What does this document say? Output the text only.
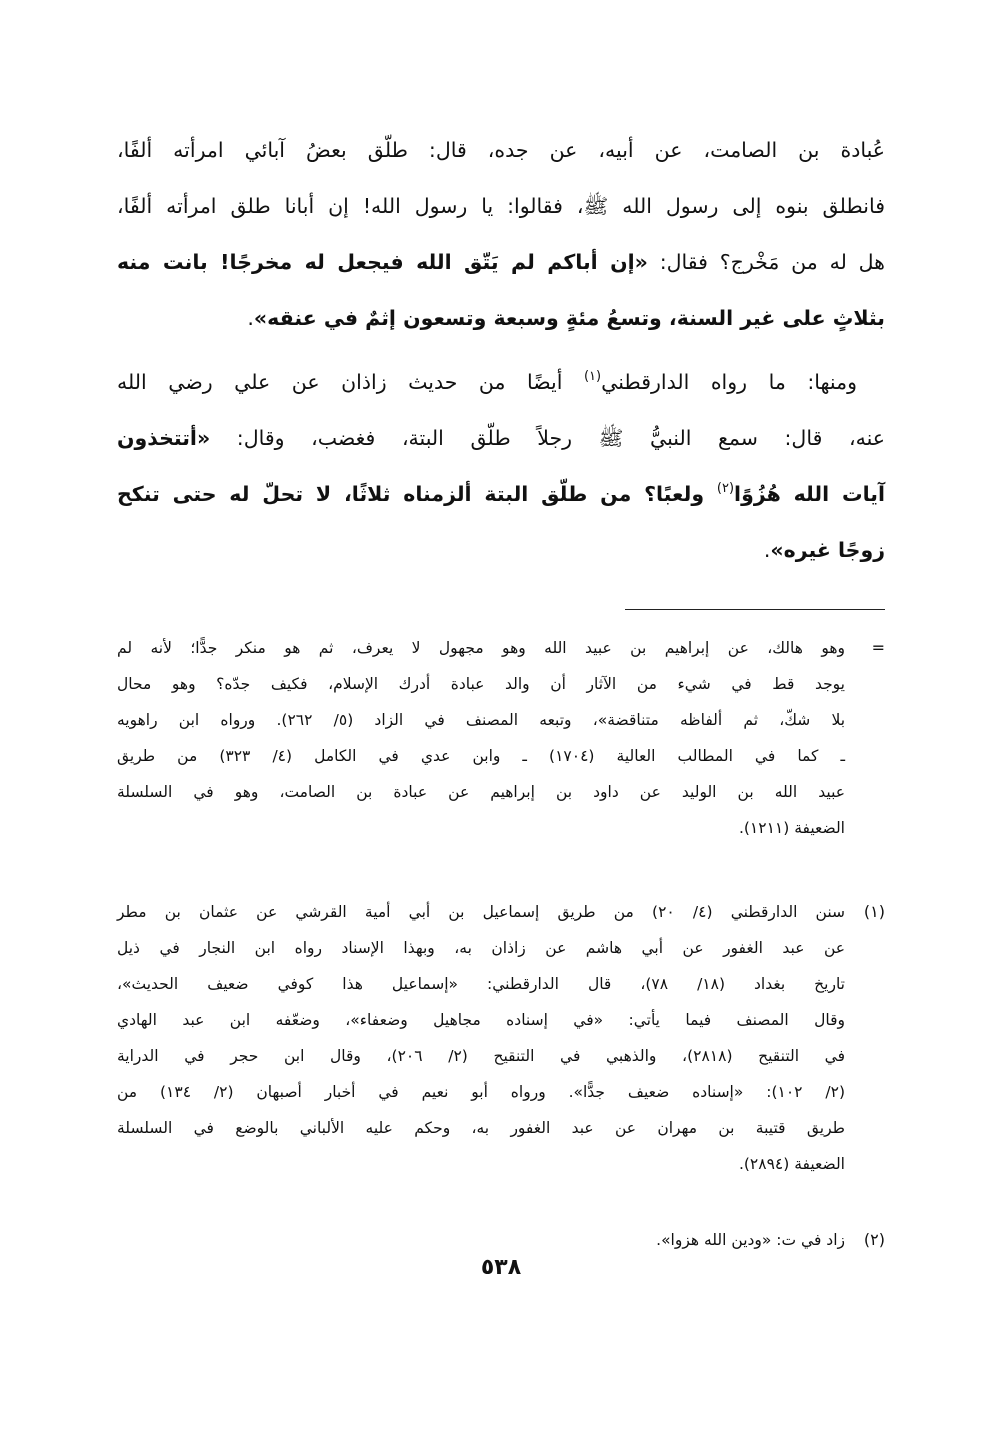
عُبادة بن الصامت، عن أبيه، عن جده، قال: طلّق بعضُ آبائي امرأته ألفًا،
فانطلق بنوه إلى رسول الله ﷺ، فقالوا: يا رسول الله! إن أبانا طلق امرأته ألفًا،
هل له من مَخْرج؟ فقال: «إن أباكم لم يَتّق الله فيجعل له مخرجًا! بانت منه
بثلاثٍ على غير السنة، وتسعُ مئةٍ وسبعة وتسعون إثمٌ في عنقه».
ومنها: ما رواه الدارقطني$^{(١)}$ أيضًا من حديث زاذان عن علي رضي الله
عنه، قال: سمع النبيُّ ﷺ رجلاً طلّق البتة، فغضب، وقال: «أتتخذون
آيات الله هُزُوًا$^{(٢)}$ ولعبًا؟ من طلّق البتة ألزمناه ثلاثًا، لا تحلّ له حتى تنكح
زوجًا غيره».
=
وهو هالك، عن إبراهيم بن عبيد الله وهو مجهول لا يعرف، ثم هو منكر جدًّا؛ لأنه لم
يوجد قط في شيء من الآثار أن والد عبادة أدرك الإسلام، فكيف جدّه؟ وهو محال
بلا شكّ، ثم ألفاظه متناقضة»، وتبعه المصنف في الزاد (٥/ ٢٦٢). ورواه ابن راهويه
ـ كما في المطالب العالية (١٧٠٤) ـ وابن عدي في الكامل (٤/ ٣٢٣) من طريق
عبيد الله بن الوليد عن داود بن إبراهيم عن عبادة بن الصامت، وهو في السلسلة
الضعيفة (١٢١١).
(١)
سنن الدارقطني (٤/ ٢٠) من طريق إسماعيل بن أبي أمية القرشي عن عثمان بن مطر
عن عبد الغفور عن أبي هاشم عن زاذان به، وبهذا الإسناد رواه ابن النجار في ذيل
تاريخ بغداد (١٨/ ٧٨)، قال الدارقطني: «إسماعيل هذا كوفي ضعيف الحديث»،
وقال المصنف فيما يأتي: «في إسناده مجاهيل وضعفاء»، وضعّفه ابن عبد الهادي
في التنقيح (٢٨١٨)، والذهبي في التنقيح (٢/ ٢٠٦)، وقال ابن حجر في الدراية
(٢/ ١٠٢): «إسناده ضعيف جدًّا». ورواه أبو نعيم في أخبار أصبهان (٢/ ١٣٤) من
طريق قتيبة بن مهران عن عبد الغفور به، وحكم عليه الألباني بالوضع في السلسلة
الضعيفة (٢٨٩٤).
(٢)
زاد في ت: «ودين الله هزوا».
٥٣٨
